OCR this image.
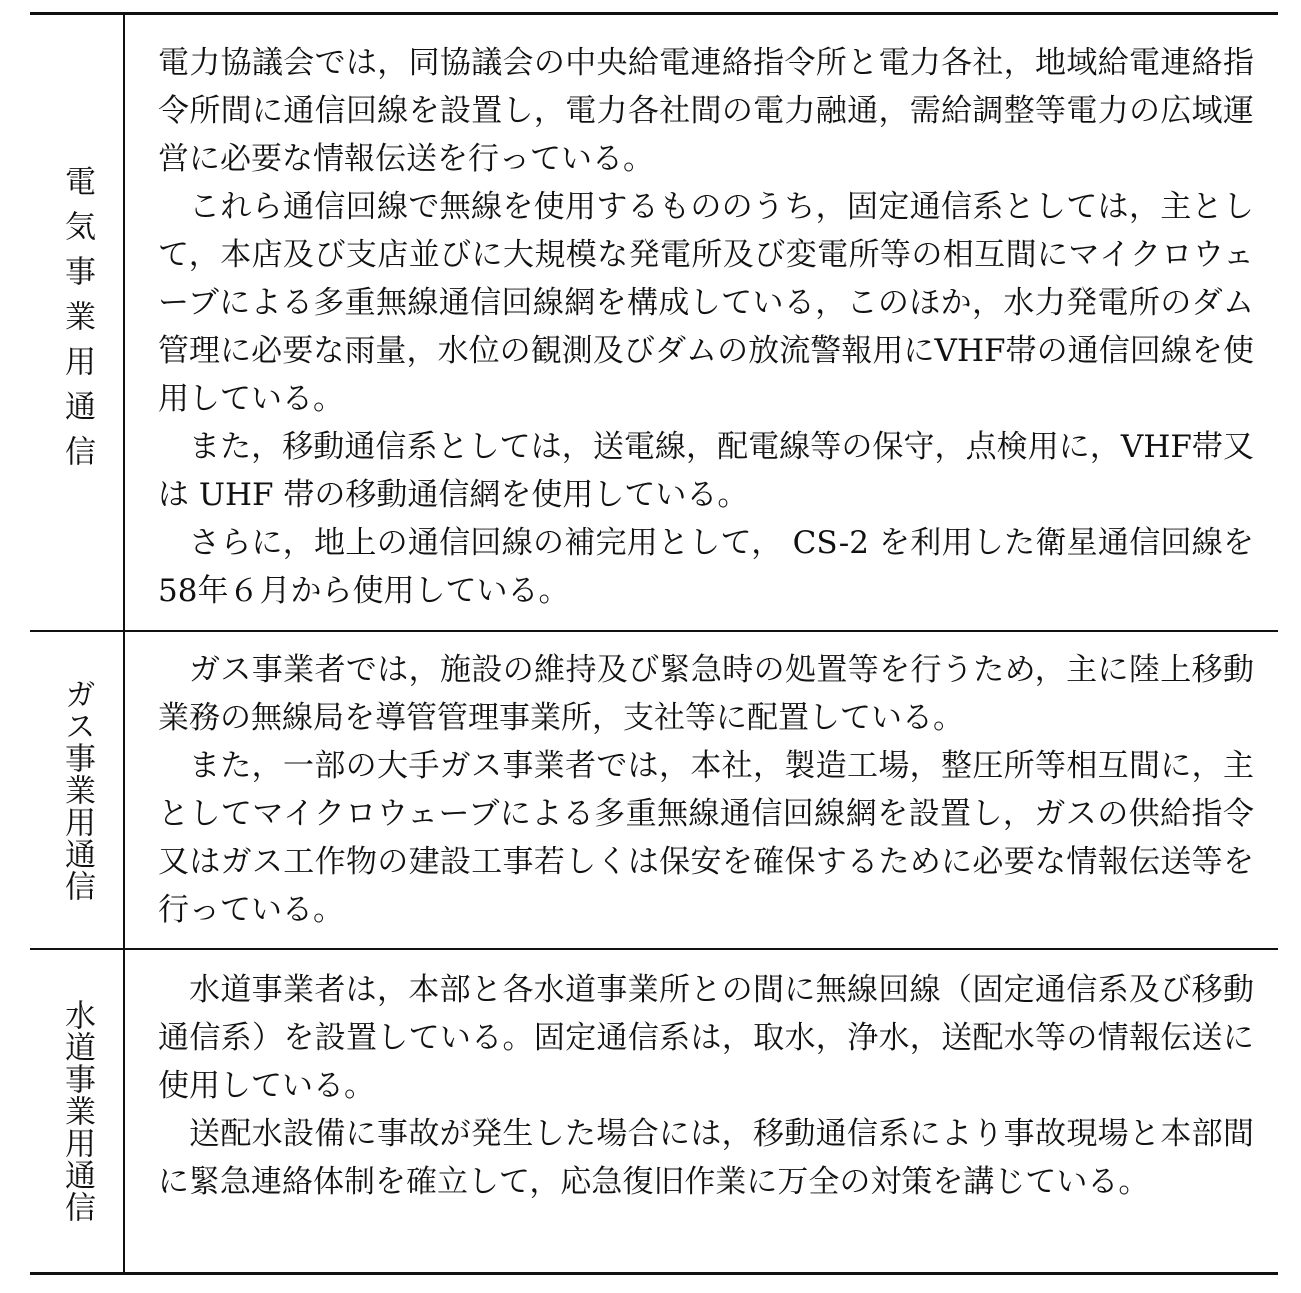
電気事業用通信

電力協議会では，同協議会の中央給電連絡指令所と電力各社，地域給電連絡指令所間に通信回線を設置し，電力各社間の電力融通，需給調整等電力の広域運営に必要な情報伝送を行っている。

これら通信回線で無線を使用するもののうち，固定通信系としては，主として，本店及び支店並びに大規模な発電所及び変電所等の相互間にマイクロウェーブによる多重無線通信回線網を構成している，このほか，水力発電所のダム管理に必要な雨量，水位の観測及びダムの放流警報用にVHF帯の通信回線を使用している。

また，移動通信系としては，送電線，配電線等の保守，点検用に，VHF帯又は UHF 帯の移動通信網を使用している。

さらに，地上の通信回線の補完用として， CS-2 を利用した衛星通信回線を58年６月から使用している。

ガス事業用通信

ガス事業者では，施設の維持及び緊急時の処置等を行うため，主に陸上移動業務の無線局を導管管理事業所，支社等に配置している。

また，一部の大手ガス事業者では，本社，製造工場，整圧所等相互間に，主としてマイクロウェーブによる多重無線通信回線網を設置し，ガスの供給指令又はガス工作物の建設工事若しくは保安を確保するために必要な情報伝送等を行っている。

水道事業用通信

水道事業者は，本部と各水道事業所との間に無線回線（固定通信系及び移動通信系）を設置している。固定通信系は，取水，浄水，送配水等の情報伝送に使用している。

送配水設備に事故が発生した場合には，移動通信系により事故現場と本部間に緊急連絡体制を確立して，応急復旧作業に万全の対策を講じている。
